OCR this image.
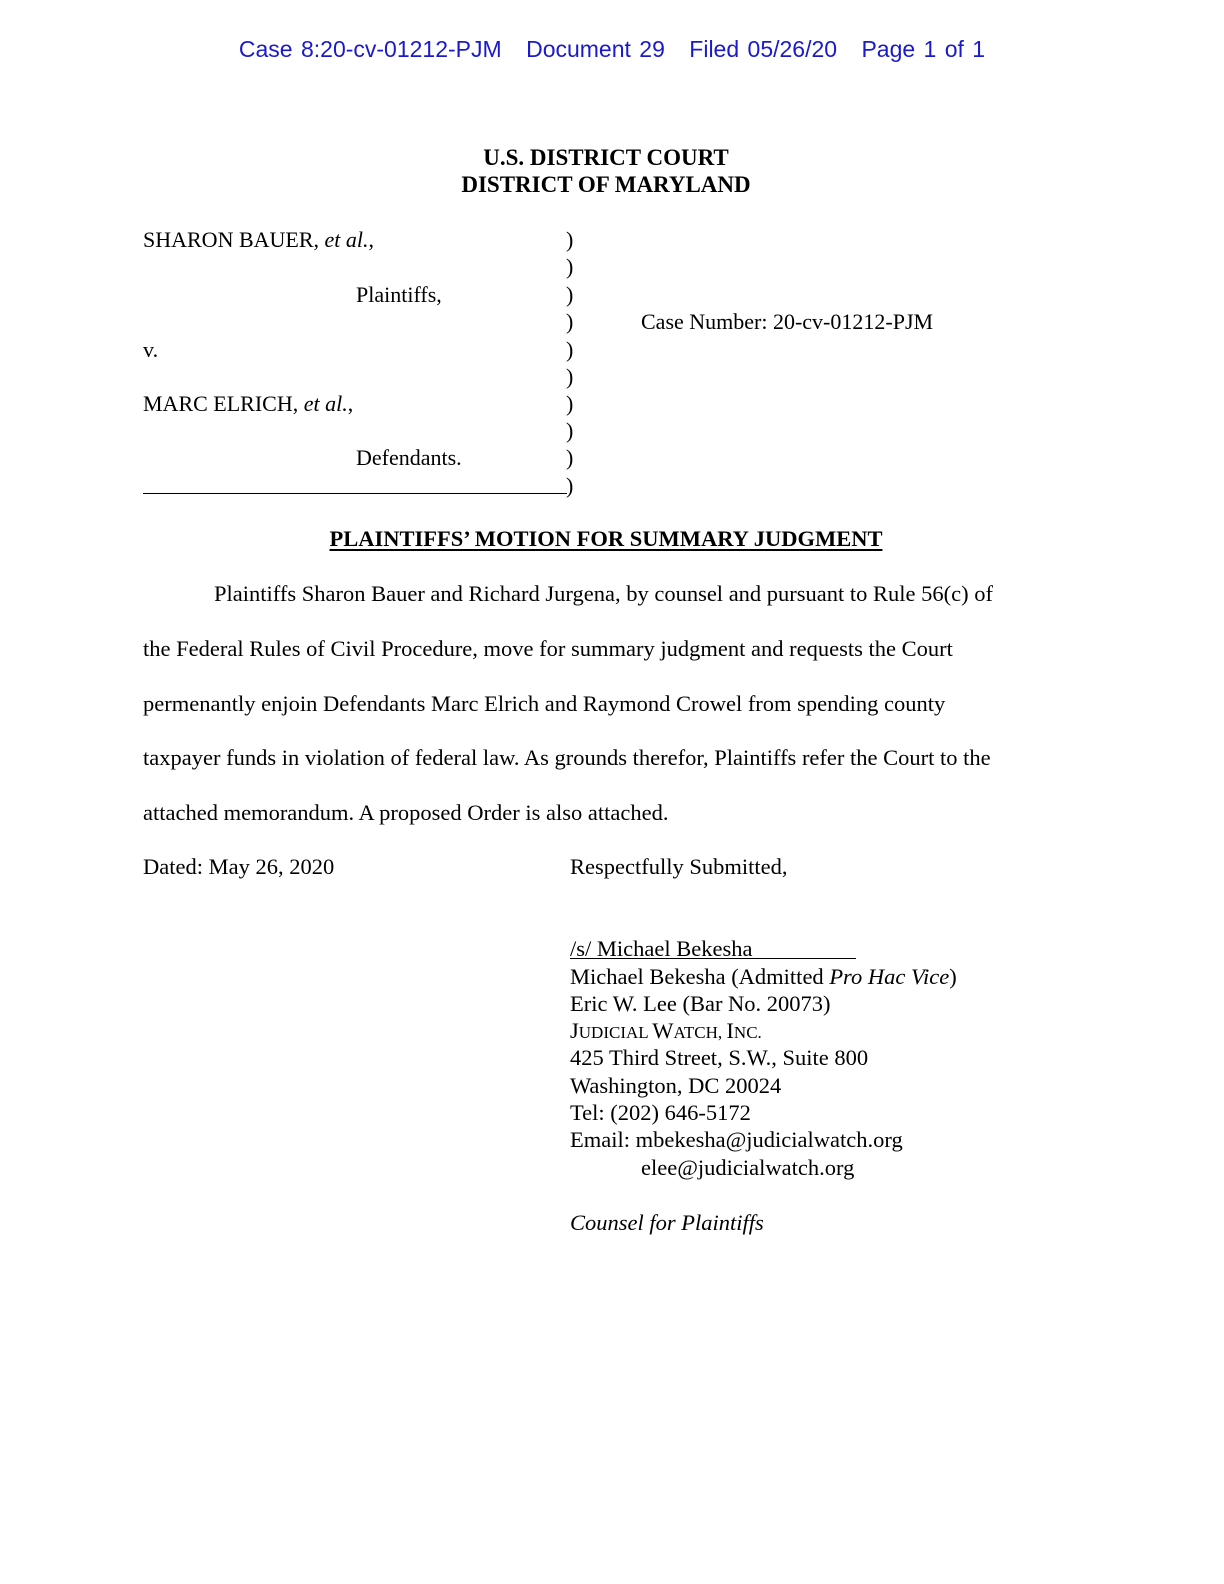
Case 8:20-cv-01212-PJM Document 29 Filed 05/26/20 Page 1 of 1
U.S. DISTRICT COURT
DISTRICT OF MARYLAND
SHARON BAUER, et al.,
Plaintiffs,
v.
MARC ELRICH, et al.,
Defendants.
)
)
)
)
)
)
)
)
)
)
Case Number: 20-cv-01212-PJM
PLAINTIFFS’ MOTION FOR SUMMARY JUDGMENT
Plaintiffs Sharon Bauer and Richard Jurgena, by counsel and pursuant to Rule 56(c) of
the Federal Rules of Civil Procedure, move for summary judgment and requests the Court
permenantly enjoin Defendants Marc Elrich and Raymond Crowel from spending county
taxpayer funds in violation of federal law. As grounds therefor, Plaintiffs refer the Court to the
attached memorandum. A proposed Order is also attached.
Dated: May 26, 2020	Respectfully Submitted,
/s/ Michael Bekesha
Michael Bekesha (Admitted Pro Hac Vice)
Eric W. Lee (Bar No. 20073)
JUDICIAL WATCH, INC.
425 Third Street, S.W., Suite 800
Washington, DC 20024
Tel: (202) 646-5172
Email: mbekesha@judicialwatch.org
elee@judicialwatch.org
Counsel for Plaintiffs
